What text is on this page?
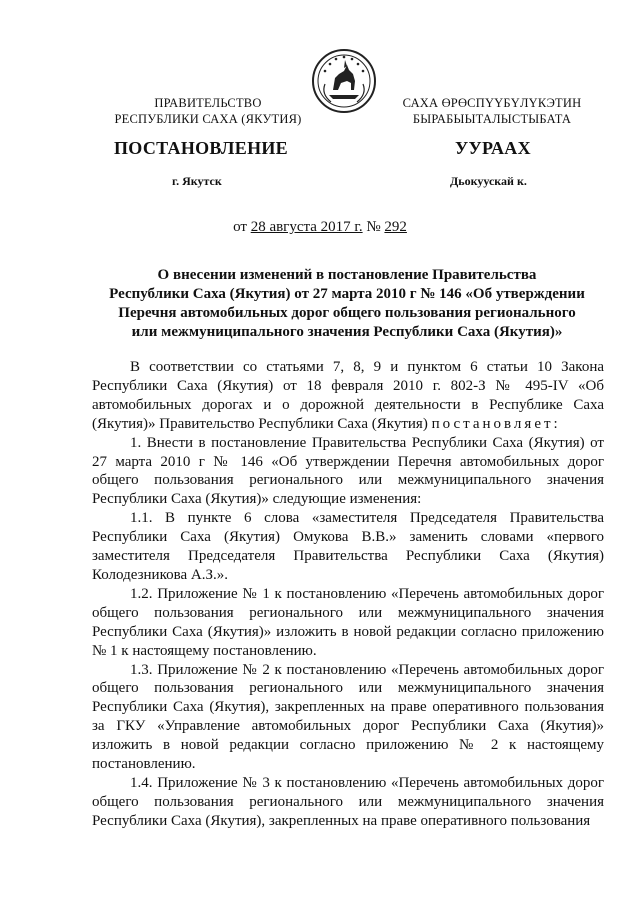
ПРАВИТЕЛЬСТВО
РЕСПУБЛИКИ САХА (ЯКУТИЯ)
САХА ӨРӨСПҮҮБҮЛҮКЭТИН
БЫРАБЫЫТАЛЫСТЫБАТА
ПОСТАНОВЛЕНИЕ	УУРААХ
г. Якутск	Дьокуускай к.
от 28 августа 2017 г. № 292
О внесении изменений в постановление Правительства
Республики Саха (Якутия) от 27 марта 2010 г № 146 «Об утверждении
Перечня автомобильных дорог общего пользования регионального
или межмуниципального значения Республики Саха (Якутия)»

В соответствии со статьями 7, 8, 9 и пунктом 6 статьи 10 Закона Республики Саха (Якутия) от 18 февраля 2010 г. 802-З № 495-IV «Об автомобильных дорогах и о дорожной деятельности в Республике Саха (Якутия)» Правительство Республики Саха (Якутия) постановляет:

1. Внести в постановление Правительства Республики Саха (Якутия) от 27 марта 2010 г № 146 «Об утверждении Перечня автомобильных дорог общего пользования регионального или межмуниципального значения Республики Саха (Якутия)» следующие изменения:

1.1. В пункте 6 слова «заместителя Председателя Правительства Республики Саха (Якутия) Омукова В.В.» заменить словами «первого заместителя Председателя Правительства Республики Саха (Якутия) Колодезникова А.З.».

1.2. Приложение № 1 к постановлению «Перечень автомобильных дорог общего пользования регионального или межмуниципального значения Республики Саха (Якутия)» изложить в новой редакции согласно приложению № 1 к настоящему постановлению.

1.3. Приложение № 2 к постановлению «Перечень автомобильных дорог общего пользования регионального или межмуниципального значения Республики Саха (Якутия), закрепленных на праве оперативного пользования за ГКУ «Управление автомобильных дорог Республики Саха (Якутия)» изложить в новой редакции согласно приложению № 2 к настоящему постановлению.

1.4. Приложение № 3 к постановлению «Перечень автомобильных дорог общего пользования регионального или межмуниципального значения Республики Саха (Якутия), закрепленных на праве оперативного пользования
